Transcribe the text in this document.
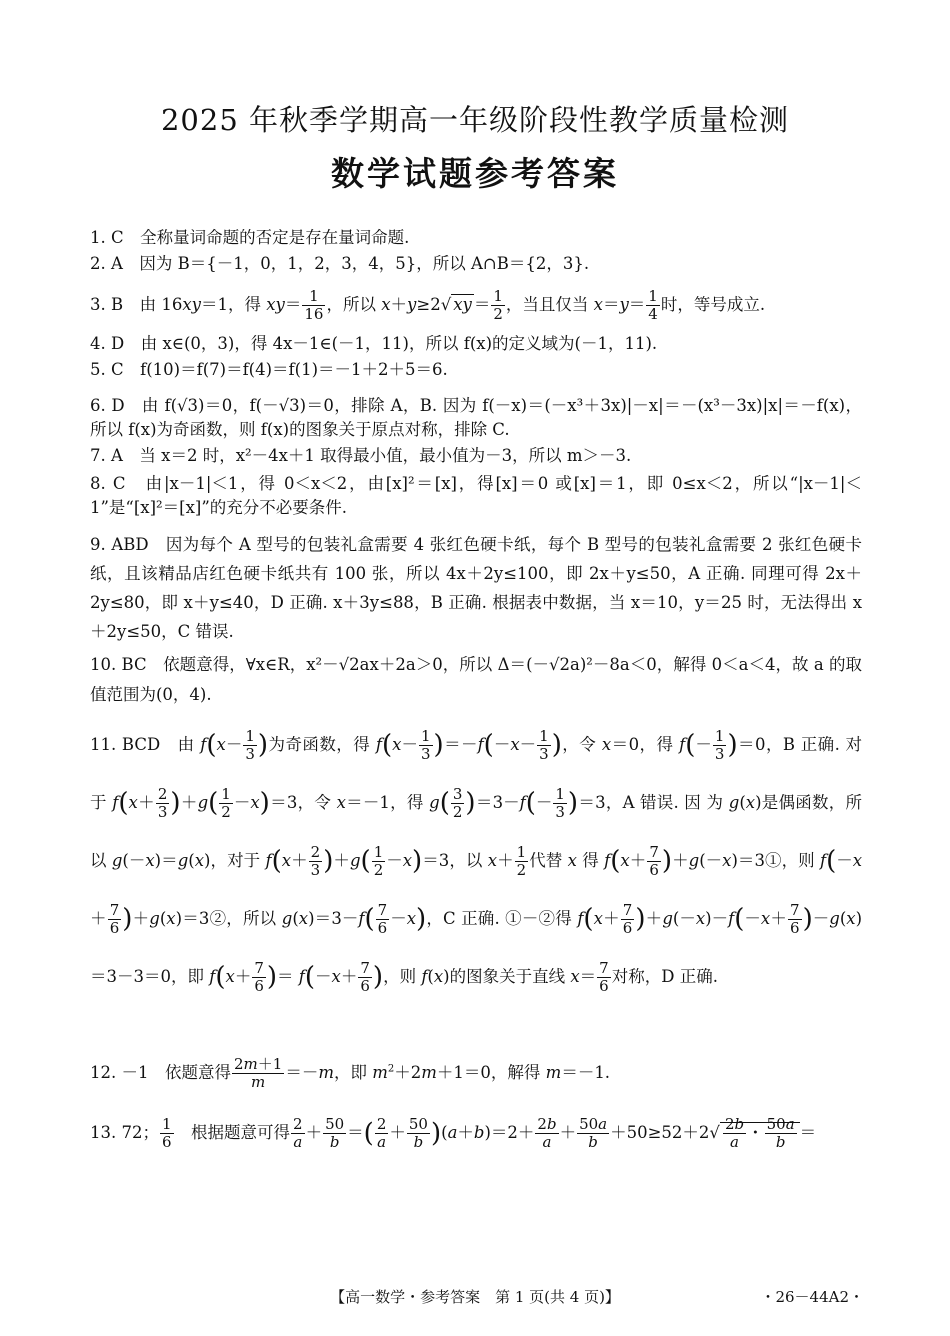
2025 年秋季学期高一年级阶段性教学质量检测
数学试题参考答案
1. C　全称量词命题的否定是存在量词命题.
2. A　因为 B＝{－1，0，1，2，3，4，5}，所以 A∩B＝{2，3}.
3. B　由 16xy＝1，得 $xy= \frac{1}{16}$ ，所以 x＋y≥2√ xy ＝ $\frac{1}{2}$ ，当且仅当 $x=y= \frac{1}{4}$ 时，等号成立.
4. D　由 x∈(0，3)，得 4x－1∈(－1，11)，所以 f(x)的定义域为(－1，11).
5. C　f(10)＝f(7)＝f(4)＝f(1)＝－1＋2＋5＝6.
6. D　由 f(√3)＝0，f(－√3)＝0，排除 A，B. 因为 f(－x)＝(－x³＋3x)|－x|＝－(x³－3x)|x|＝－f(x)，所以 f(x)为奇函数，则 f(x)的图象关于原点对称，排除 C.
7. A　当 x＝2 时，x²－4x＋1 取得最小值，最小值为－3，所以 m＞－3.
8. C　由|x－1|＜1，得 0＜x＜2，由[x]²＝[x]，得[x]＝0 或[x]＝1，即 0≤x＜2，所以“|x－1|＜1”是“[x]²＝[x]”的充分不必要条件.
9. ABD　因为每个 A 型号的包装礼盒需要 4 张红色硬卡纸，每个 B 型号的包装礼盒需要 2 张红色硬卡纸，且该精品店红色硬卡纸共有 100 张，所以 4x＋2y≤100，即 2x＋y≤50，A 正确. 同理可得 2x＋2y≤80，即 x＋y≤40，D 正确. x＋3y≤88，B 正确. 根据表中数据，当 x＝10，y＝25 时，无法得出 x＋2y≤50，C 错误.
10. BC　依题意得，∀x∈R，x²－√2ax＋2a＞0，所以 Δ＝(－√2a)²－8a＜0，解得 0＜a＜4，故 a 的取值范围为(0，4).
11. BCD　由 $f(x- \frac{1}{3}$ )为奇函数，得 $f(x- \frac{1}{3} )=-f(-x- \frac{1}{3}$ )，令 x＝0，得 $f(- \frac{1}{3} )=0$，B 正确. 对于 $f(x+ \frac{2}{3} )+g( \frac{1}{2} -x)=3$，令 x＝－1，得 $g( \frac{3}{2} )=3-f(- \frac{1}{3} )=3$，A 错误. 因 为 g(x)是偶函数，所以 g(－x)＝g(x)，对于 $f(x+ \frac{2}{3} )+g( \frac{1}{2} -x)=3$，以 $x+ \frac{1}{2}$ 代替 x 得 $f(x+ \frac{7}{6}$ )＋g(－x)＝3①，则 $f(-x+ \frac{7}{6}$ )＋g(x)＝3②，所以 $g(x)=3-f( \frac{7}{6} -x)$，C 正确. ①－②得 $f(x+ \frac{7}{6} )+g(-x)-f(-x+ \frac{7}{6} )-g(x)=3-3=0$，即 $f(x+ \frac{7}{6}$ )＝ $f(-x+ \frac{7}{6}$ )，则 f(x)的图象关于直线 $x= \frac{7}{6}$ 对称，D 正确.
12. －1　依题意得 $\frac{2m+1}{m} =-m$，即 $m^2+2m+1=0$，解得 m＝－1.
13. 72； $\frac{1}{6}$ 　根据题意可得 $\frac{2}{a} + \frac{50}{b}$ ＝( $\frac{2}{a} + \frac{50}{b} )(a+b)=2+ \frac{2b}{a} + \frac{50a}{b} +50\ge 52+2√ \frac{2b}{a}$ ・ $\frac{50a}{b}$ ＝
【高一数学・参考答案　第 1 页(共 4 页)】	・26－44A2・
